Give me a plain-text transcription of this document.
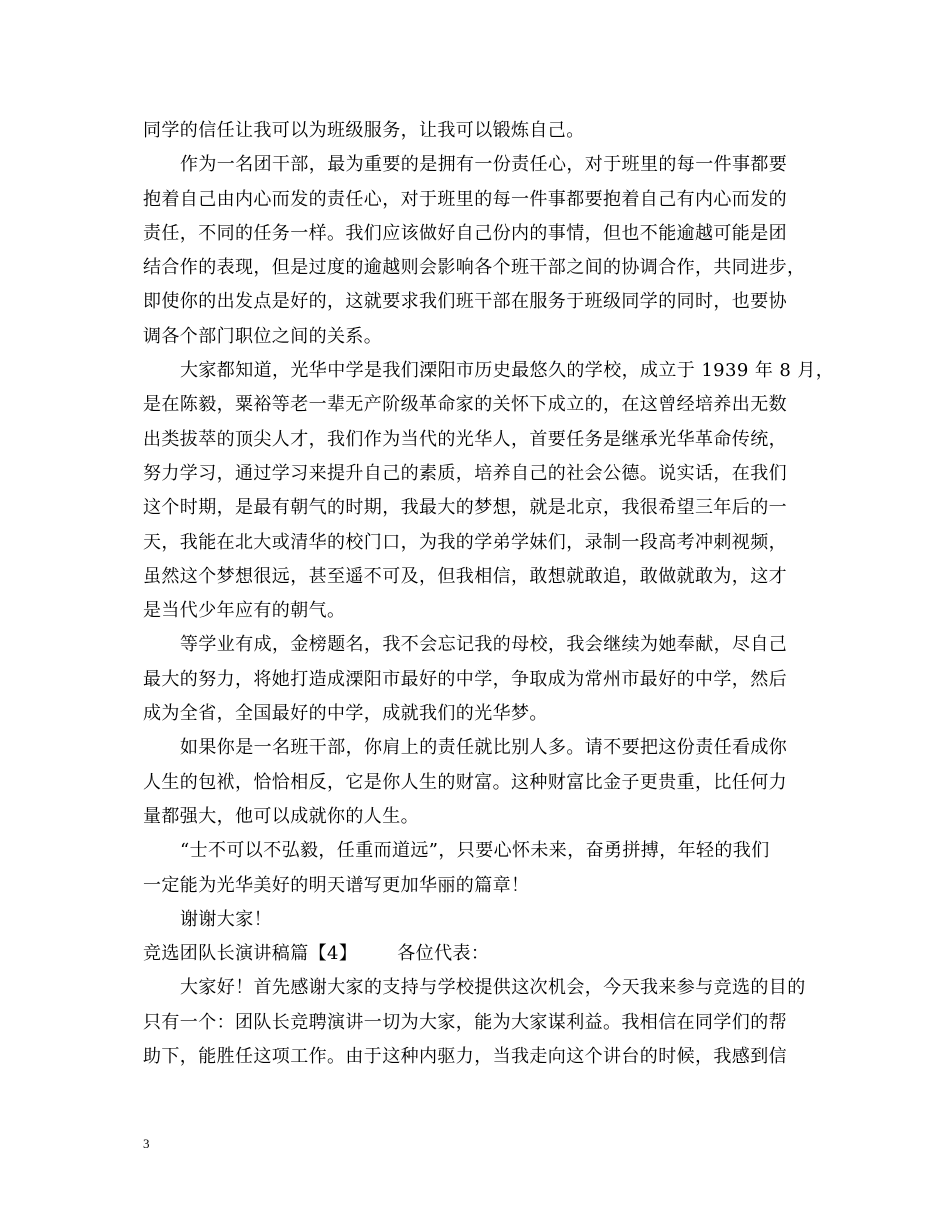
同学的信任让我可以为班级服务，让我可以锻炼自己。
作为一名团干部，最为重要的是拥有一份责任心，对于班里的每一件事都要
抱着自己由内心而发的责任心，对于班里的每一件事都要抱着自己有内心而发的
责任，不同的任务一样。我们应该做好自己份内的事情，但也不能逾越可能是团
结合作的表现，但是过度的逾越则会影响各个班干部之间的协调合作，共同进步，
即使你的出发点是好的，这就要求我们班干部在服务于班级同学的同时，也要协
调各个部门职位之间的关系。
大家都知道，光华中学是我们溧阳市历史最悠久的学校，成立于 1939 年 8 月，
是在陈毅，粟裕等老一辈无产阶级革命家的关怀下成立的，在这曾经培养出无数
出类拔萃的顶尖人才，我们作为当代的光华人，首要任务是继承光华革命传统，
努力学习，通过学习来提升自己的素质，培养自己的社会公德。说实话，在我们
这个时期，是最有朝气的时期，我最大的梦想，就是北京，我很希望三年后的一
天，我能在北大或清华的校门口，为我的学弟学妹们，录制一段高考冲刺视频，
虽然这个梦想很远，甚至遥不可及，但我相信，敢想就敢追，敢做就敢为，这才
是当代少年应有的朝气。
等学业有成，金榜题名，我不会忘记我的母校，我会继续为她奉献，尽自己
最大的努力，将她打造成溧阳市最好的中学，争取成为常州市最好的中学，然后
成为全省，全国最好的中学，成就我们的光华梦。
如果你是一名班干部，你肩上的责任就比别人多。请不要把这份责任看成你
人生的包袱，恰恰相反，它是你人生的财富。这种财富比金子更贵重，比任何力
量都强大，他可以成就你的人生。
“士不可以不弘毅，任重而道远”，只要心怀未来，奋勇拼搏，年轻的我们
一定能为光华美好的明天谱写更加华丽的篇章！
谢谢大家！
竞选团队长演讲稿篇【4】 各位代表：
大家好！首先感谢大家的支持与学校提供这次机会，今天我来参与竞选的目的
只有一个：团队长竞聘演讲一切为大家，能为大家谋利益。我相信在同学们的帮
助下，能胜任这项工作。由于这种内驱力，当我走向这个讲台的时候，我感到信
3
